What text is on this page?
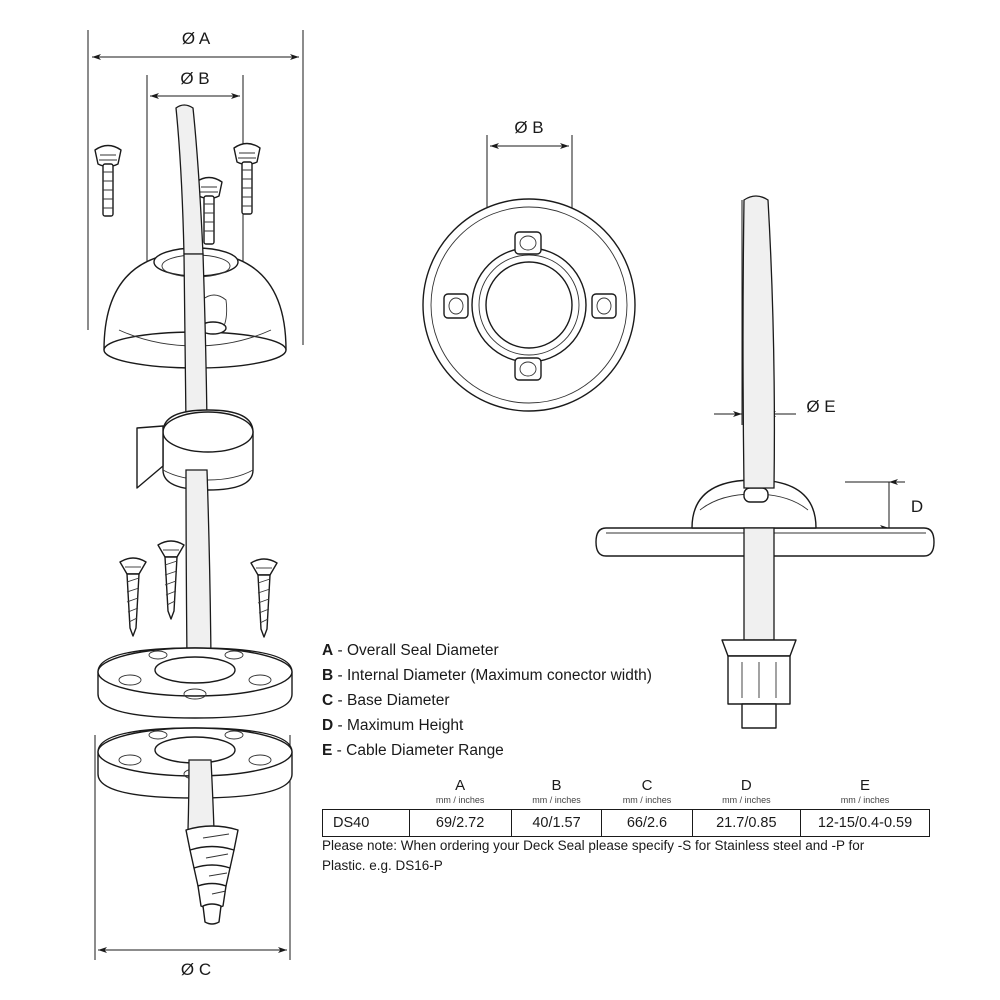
Ø A
Ø B
Ø B
Ø E
D
Ø C
A - Overall Seal Diameter
B - Internal Diameter (Maximum conector width)
C - Base Diameter
D - Maximum Height
E - Cable Diameter Range
	A	B	C	D	E
	mm / inches	mm / inches	mm / inches	mm / inches	mm / inches
DS40	69/2.72	40/1.57	66/2.6	21.7/0.85	12-15/0.4-0.59
Please note: When ordering your Deck Seal please specify -S for Stainless steel and -P for
Plastic. e.g. DS16-P
